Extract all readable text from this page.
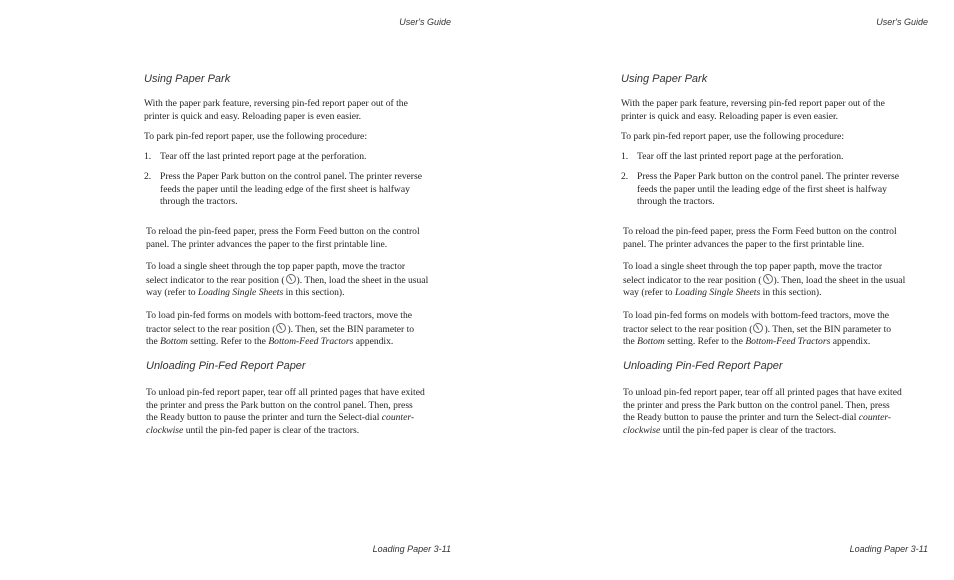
User's Guide
Using Paper Park
With the paper park feature, reversing pin-fed report paper out of the
printer is quick and easy. Reloading paper is even easier.
To park pin-fed report paper, use the following procedure:
1. Tear off the last printed report page at the perforation.
2. Press the Paper Park button on the control panel. The printer reverse
feeds the paper until the leading edge of the first sheet is halfway
through the tractors.
To reload the pin-feed paper, press the Form Feed button on the control
panel. The printer advances the paper to the first printable line.
To load a single sheet through the top paper papth, move the tractor
select indicator to the rear position ( ). Then, load the sheet in the usual
way (refer to Loading Single Sheets in this section).
To load pin-fed forms on models with bottom-feed tractors, move the
tractor select to the rear position ( ). Then, set the BIN parameter to
the Bottom setting. Refer to the Bottom-Feed Tractors appendix.
Unloading Pin-Fed Report Paper
To unload pin-fed report paper, tear off all printed pages that have exited
the printer and press the Park button on the control panel. Then, press
the Ready button to pause the printer and turn the Select-dial counter-
clockwise until the pin-fed paper is clear of the tractors.
Loading Paper 3-11
User's Guide
Using Paper Park
With the paper park feature, reversing pin-fed report paper out of the
printer is quick and easy. Reloading paper is even easier.
To park pin-fed report paper, use the following procedure:
1. Tear off the last printed report page at the perforation.
2. Press the Paper Park button on the control panel. The printer reverse
feeds the paper until the leading edge of the first sheet is halfway
through the tractors.
To reload the pin-feed paper, press the Form Feed button on the control
panel. The printer advances the paper to the first printable line.
To load a single sheet through the top paper papth, move the tractor
select indicator to the rear position ( ). Then, load the sheet in the usual
way (refer to Loading Single Sheets in this section).
To load pin-fed forms on models with bottom-feed tractors, move the
tractor select to the rear position ( ). Then, set the BIN parameter to
the Bottom setting. Refer to the Bottom-Feed Tractors appendix.
Unloading Pin-Fed Report Paper
To unload pin-fed report paper, tear off all printed pages that have exited
the printer and press the Park button on the control panel. Then, press
the Ready button to pause the printer and turn the Select-dial counter-
clockwise until the pin-fed paper is clear of the tractors.
Loading Paper 3-11
